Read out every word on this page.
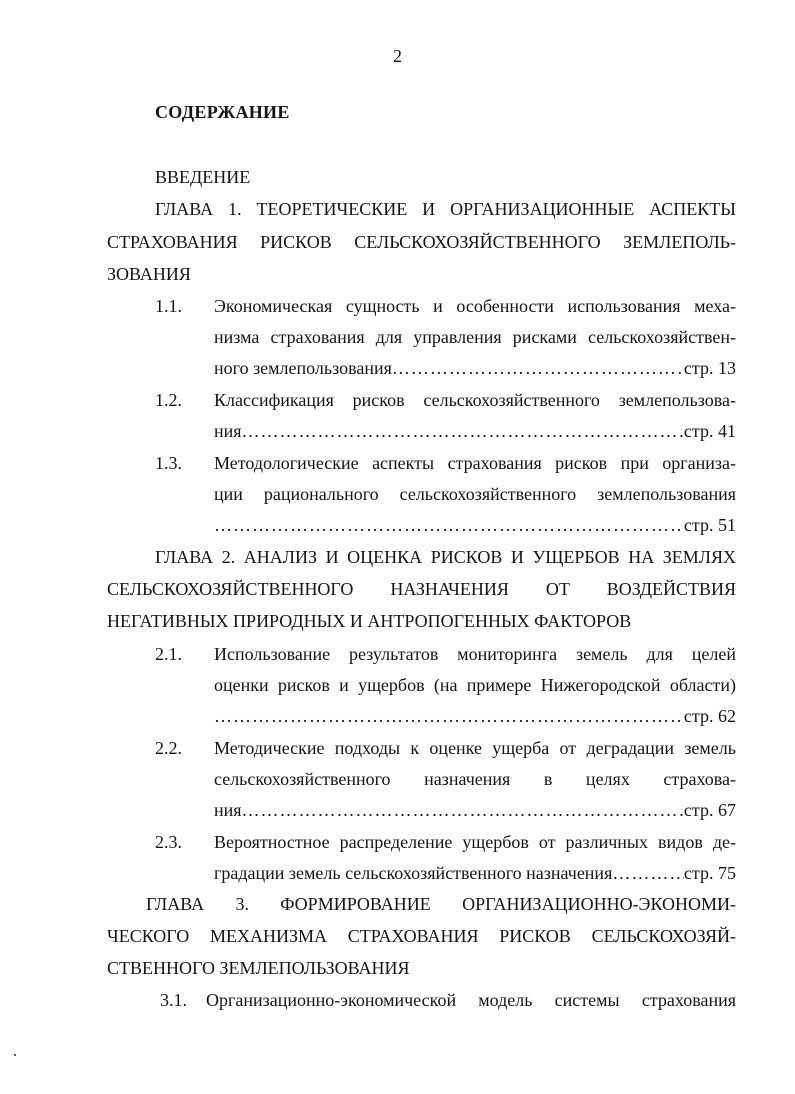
2
СОДЕРЖАНИЕ
ВВЕДЕНИЕ
ГЛАВА 1. ТЕОРЕТИЧЕСКИЕ И ОРГАНИЗАЦИОННЫЕ АСПЕКТЫ
СТРАХОВАНИЯ РИСКОВ СЕЛЬСКОХОЗЯЙСТВЕННОГО ЗЕМЛЕПОЛЬ-
ЗОВАНИЯ
1.1. Экономическая сущность и особенности использования меха-
низма страхования для управления рисками сельскохозяйствен-
ного землепользования ………………………………………………………………………………………………………………………………	стр. 13
1.2. Классификация рисков сельскохозяйственного землепользова-
ния ………………………………………………………………………………………………………………………………	стр. 41
1.3. Методологические аспекты страхования рисков при организа-
ции рационального сельскохозяйственного землепользования
………………………………………………………………………………………………………………………………
стр. 51
ГЛАВА 2. АНАЛИЗ И ОЦЕНКА РИСКОВ И УЩЕРБОВ НА ЗЕМЛЯХ
СЕЛЬСКОХОЗЯЙСТВЕННОГО НАЗНАЧЕНИЯ ОТ ВОЗДЕЙСТВИЯ
НЕГАТИВНЫХ ПРИРОДНЫХ И АНТРОПОГЕННЫХ ФАКТОРОВ
2.1. Использование результатов мониторинга земель для целей
оценки рисков и ущербов (на примере Нижегородской области)
………………………………………………………………………………………………………………………………
стр. 62
2.2. Методические подходы к оценке ущерба от деградации земель
сельскохозяйственного назначения в целях страхова-
ния ………………………………………………………………………………………………………………………………	стр. 67
2.3. Вероятностное распределение ущербов от различных видов де-
градации земель сельскохозяйственного назначения ………………………………………………………………………………………………………………………………	стр. 75
ГЛАВА 3. ФОРМИРОВАНИЕ ОРГАНИЗАЦИОННО-ЭКОНОМИ-
ЧЕСКОГО МЕХАНИЗМА СТРАХОВАНИЯ РИСКОВ СЕЛЬСКОХОЗЯЙ-
СТВЕННОГО ЗЕМЛЕПОЛЬЗОВАНИЯ
3.1. Организационно-экономической модель системы страхования
